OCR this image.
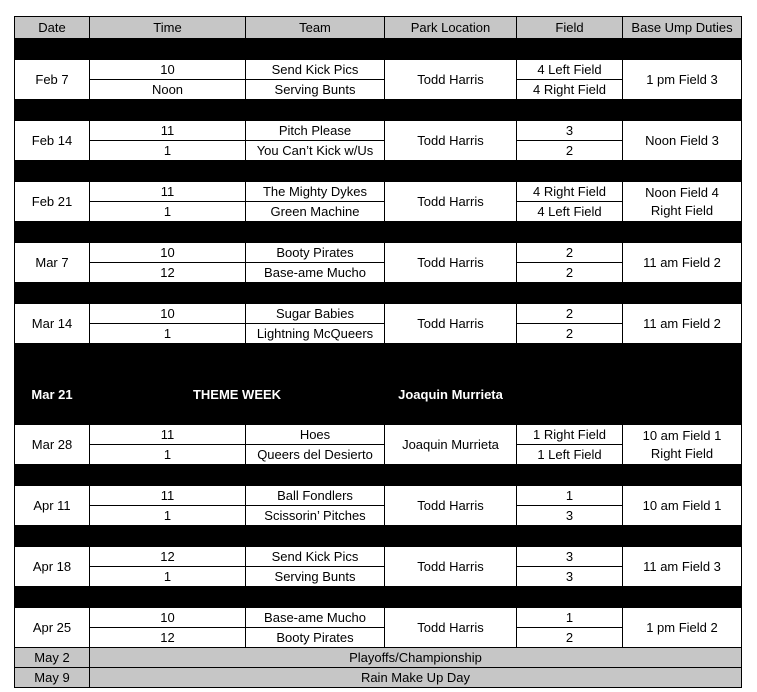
Date	Time	Team	Park Location	Field	Base Ump Duties

Feb 7	10	Send Kick Pics	Todd Harris	4 Left Field	1 pm Field 3
	Noon	Serving Bunts		4 Right Field	

Feb 14	11	Pitch Please	Todd Harris	3	Noon Field 3
	1	You Can’t Kick w/Us		2	

Feb 21	11	The Mighty Dykes	Todd Harris	4 Right Field	Noon Field 4
Right Field
	1	Green Machine		4 Left Field	

Mar 7	10	Booty Pirates	Todd Harris	2	11 am Field 2
	12	Base-ame Mucho		2	

Mar 14	10	Sugar Babies	Todd Harris	2	11 am Field 2
	1	Lightning McQueers		2	

Mar 21	THEME WEEK		Joaquin Murrieta		
Mar 28	11	Hoes	Joaquin Murrieta	1 Right Field	10 am Field 1
Right Field
	1	Queers del Desierto		1 Left Field	

Apr 11	11	Ball Fondlers	Todd Harris	1	10 am Field 1
	1	Scissorin’ Pitches		3	

Apr 18	12	Send Kick Pics	Todd Harris	3	11 am Field 3
	1	Serving Bunts		3	

Apr 25	10	Base-ame Mucho	Todd Harris	1	1 pm Field 2
	12	Booty Pirates		2	
May 2	Playoffs/Championship				
May 9	Rain Make Up Day				
